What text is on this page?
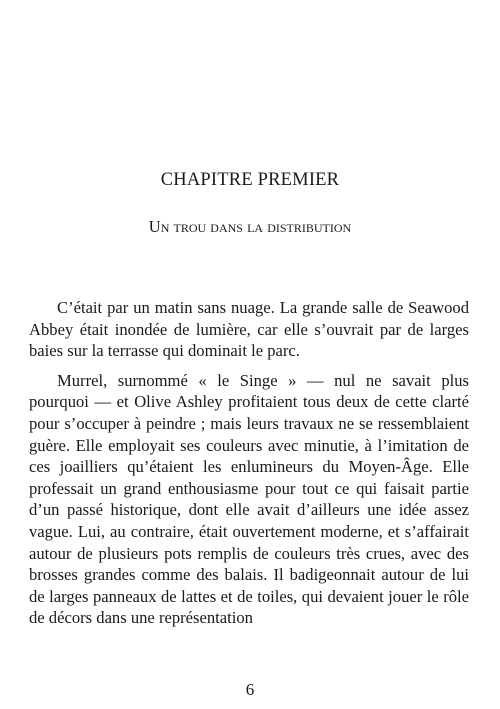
CHAPITRE PREMIER
Un trou dans la distribution

C’était par un matin sans nuage. La grande salle de Seawood Abbey était inondée de lumière, car elle s’ouvrait par de larges baies sur la terrasse qui dominait le parc.

Murrel, surnommé « le Singe » — nul ne savait plus pourquoi — et Olive Ashley profitaient tous deux de cette clarté pour s’occuper à peindre ; mais leurs travaux ne se ressemblaient guère. Elle employait ses couleurs avec minutie, à l’imitation de ces joailliers qu’étaient les enlumineurs du Moyen-Âge. Elle professait un grand enthousiasme pour tout ce qui faisait partie d’un passé historique, dont elle avait d’ailleurs une idée assez vague. Lui, au contraire, était ouvertement moderne, et s’affairait autour de plusieurs pots remplis de couleurs très crues, avec des brosses grandes comme des balais. Il badigeonnait autour de lui de larges panneaux de lattes et de toiles, qui devaient jouer le rôle de décors dans une représentation

6
